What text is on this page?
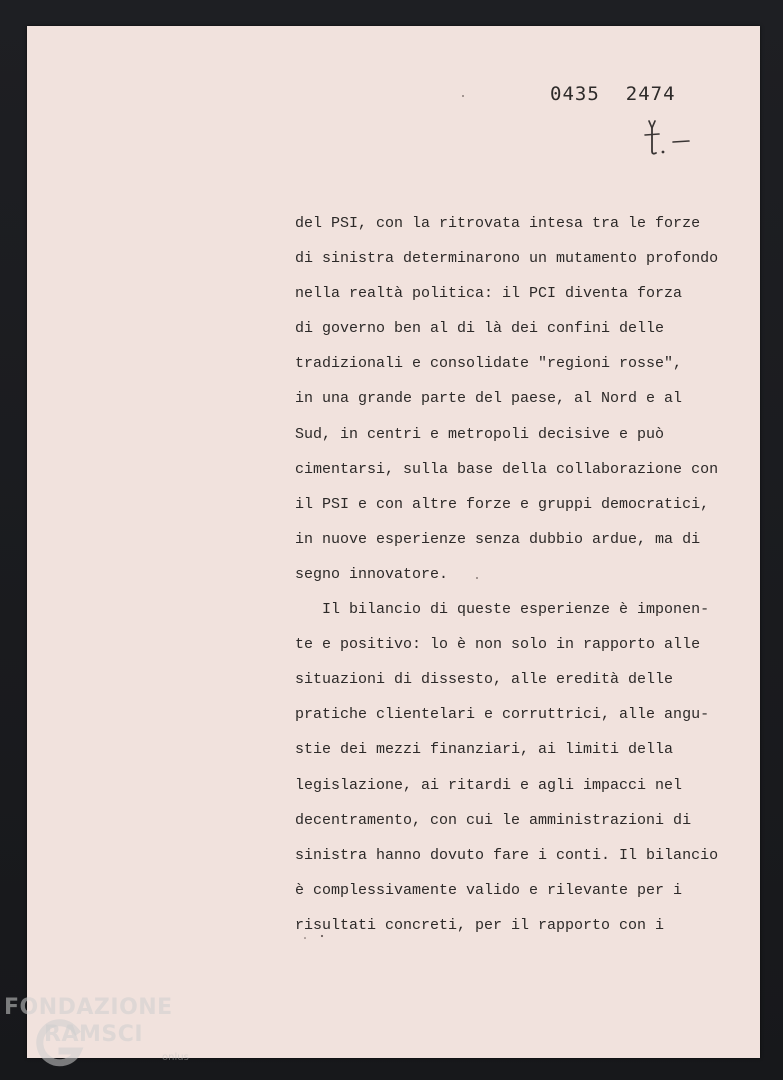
0435 2474
del PSI, con la ritrovata intesa tra le forze
di sinistra determinarono un mutamento profondo
nella realtà politica: il PCI diventa forza
di governo ben al di là dei confini delle
tradizionali e consolidate "regioni rosse",
in una grande parte del paese, al Nord e al
Sud, in centri e metropoli decisive e può
cimentarsi, sulla base della collaborazione con
il PSI e con altre forze e gruppi democratici,
in nuove esperienze senza dubbio ardue, ma di
segno innovatore.
Il bilancio di queste esperienze è imponen-
te e positivo: lo è non solo in rapporto alle
situazioni di dissesto, alle eredità delle
pratiche clientelari e corruttrici, alle angu-
stie dei mezzi finanziari, ai limiti della
legislazione, ai ritardi e agli impacci nel
decentramento, con cui le amministrazioni di
sinistra hanno dovuto fare i conti. Il bilancio
è complessivamente valido e rilevante per i
risultati concreti, per il rapporto con i
FONDAZIONE
RAMSCI
onlus
